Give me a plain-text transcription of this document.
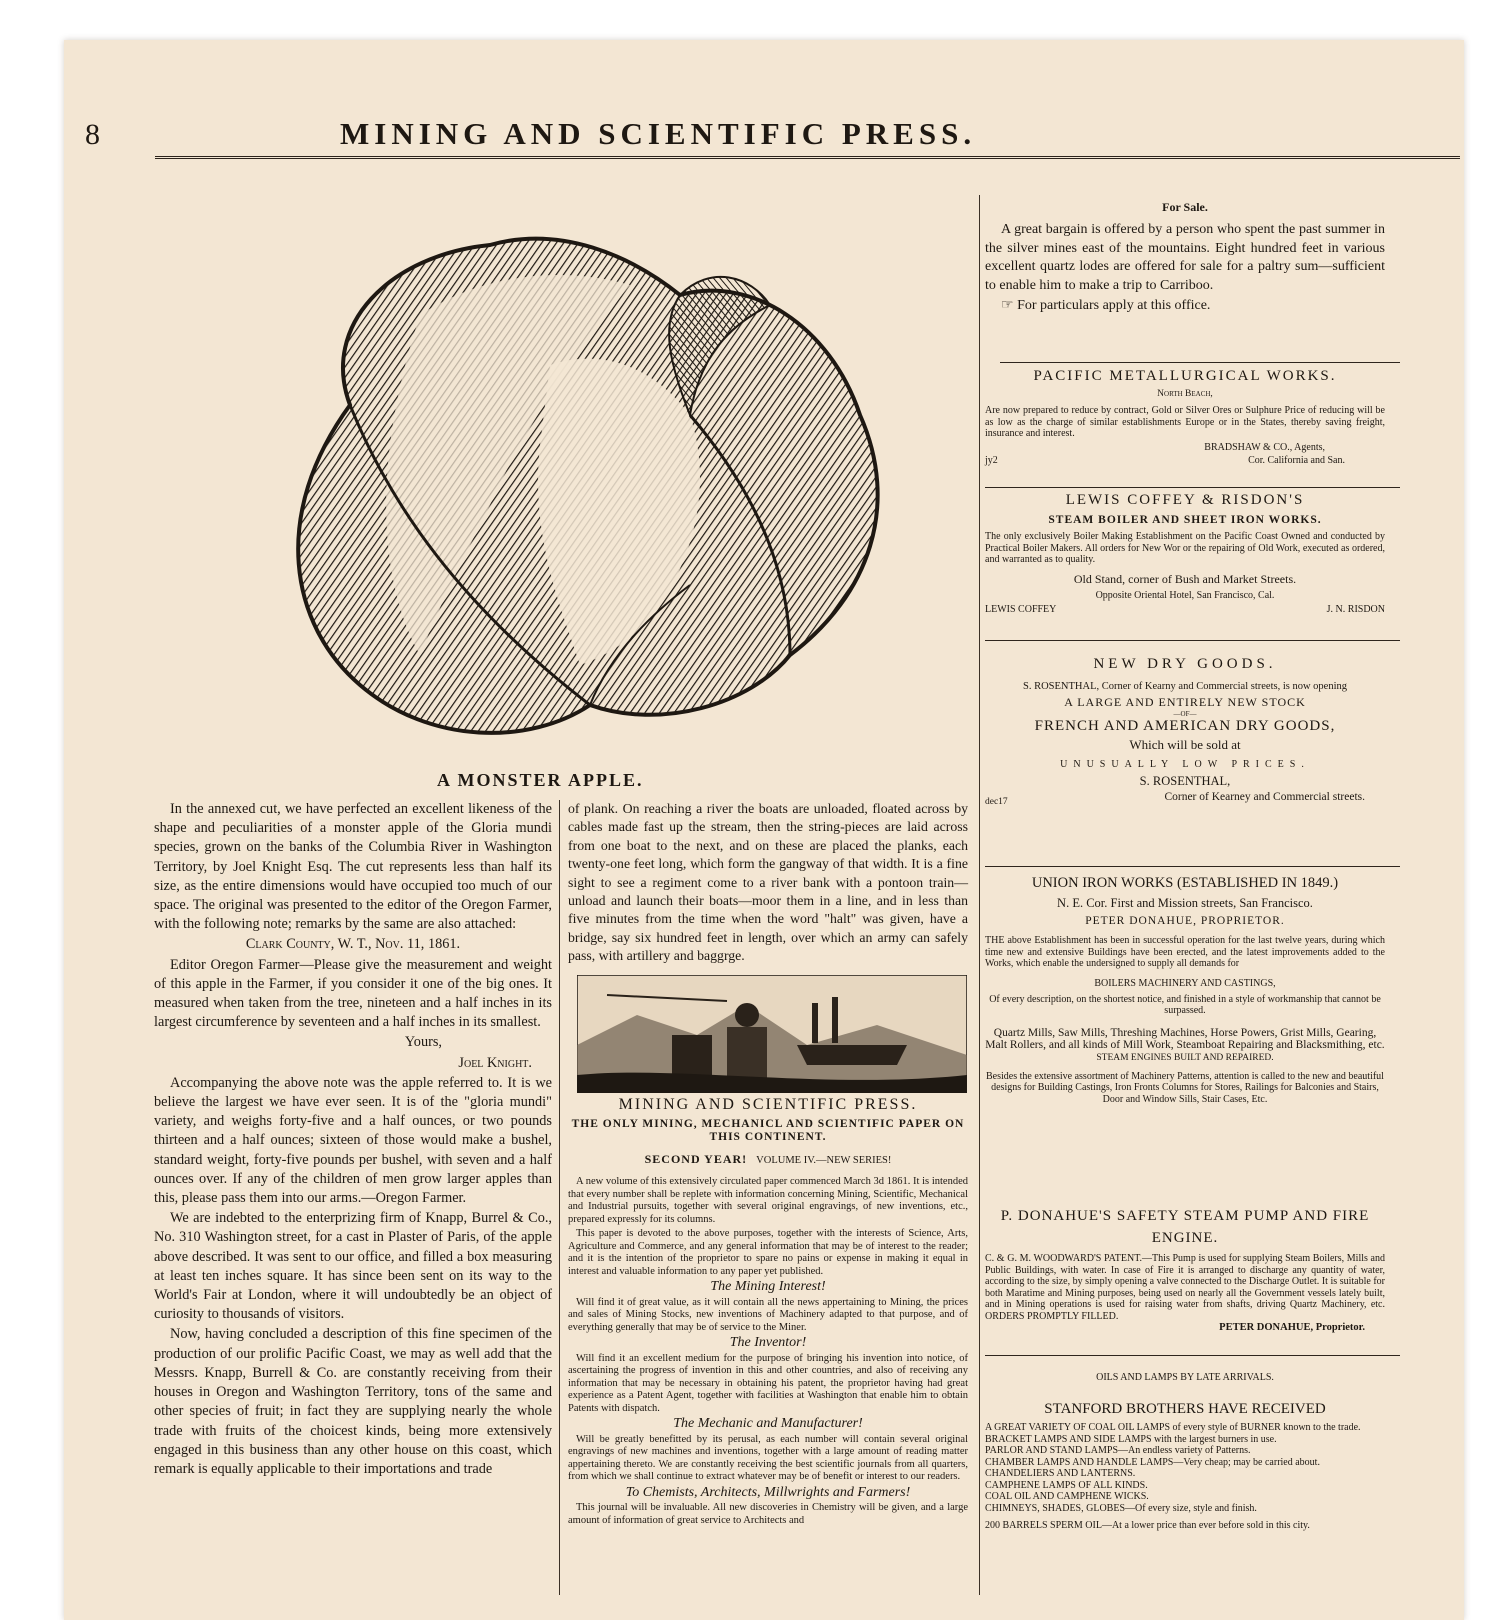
8	MINING AND SCIENTIFIC PRESS.
A MONSTER APPLE.

In the annexed cut, we have perfected an excellent likeness of the shape and peculiarities of a monster apple of the Gloria mundi species, grown on the banks of the Columbia River in Washington Territory, by Joel Knight Esq. The cut represents less than half its size, as the entire dimensions would have occupied too much of our space. The original was presented to the editor of the Oregon Farmer, with the following note; remarks by the same are also attached:

Clark County, W. T., Nov. 11, 1861.

Editor Oregon Farmer—Please give the measurement and weight of this apple in the Farmer, if you consider it one of the big ones. It measured when taken from the tree, nineteen and a half inches in its largest circumference by seventeen and a half inches in its smallest.

Yours,

Joel Knight.

Accompanying the above note was the apple referred to. It is we believe the largest we have ever seen. It is of the "gloria mundi" variety, and weighs forty-five and a half ounces, or two pounds thirteen and a half ounces; sixteen of those would make a bushel, standard weight, forty-five pounds per bushel, with seven and a half ounces over. If any of the children of men grow larger apples than this, please pass them into our arms.—Oregon Farmer.

We are indebted to the enterprizing firm of Knapp, Burrel & Co., No. 310 Washington street, for a cast in Plaster of Paris, of the apple above described. It was sent to our office, and filled a box measuring at least ten inches square. It has since been sent on its way to the World's Fair at London, where it will undoubtedly be an object of curiosity to thousands of visitors.

Now, having concluded a description of this fine specimen of the production of our prolific Pacific Coast, we may as well add that the Messrs. Knapp, Burrell & Co. are constantly receiving from their houses in Oregon and Washington Territory, tons of the same and other species of fruit; in fact they are supplying nearly the whole trade with fruits of the choicest kinds, being more extensively engaged in this business than any other house on this coast, which remark is equally applicable to their importations and trade

of plank. On reaching a river the boats are unloaded, floated across by cables made fast up the stream, then the string-pieces are laid across from one boat to the next, and on these are placed the planks, each twenty-one feet long, which form the gangway of that width. It is a fine sight to see a regiment come to a river bank with a pontoon train—unload and launch their boats—moor them in a line, and in less than five minutes from the time when the word "halt" was given, have a bridge, say six hundred feet in length, over which an army can safely pass, with artillery and baggrge.

MINING AND SCIENTIFIC PRESS.
THE ONLY MINING, MECHANICL AND SCIENTIFIC PAPER ON THIS CONTINENT.
SECOND YEAR! VOLUME IV.—NEW SERIES!

A new volume of this extensively circulated paper commenced March 3d 1861. It is intended that every number shall be replete with information concerning Mining, Scientific, Mechanical and Industrial pursuits, together with several original engravings, of new inventions, etc., prepared expressly for its columns.

This paper is devoted to the above purposes, together with the interests of Science, Arts, Agriculture and Commerce, and any general information that may be of interest to the reader; and it is the intention of the proprietor to spare no pains or expense in making it equal in interest and valuable information to any paper yet published.

The Mining Interest!

Will find it of great value, as it will contain all the news appertaining to Mining, the prices and sales of Mining Stocks, new inventions of Machinery adapted to that purpose, and of everything generally that may be of service to the Miner.

The Inventor!

Will find it an excellent medium for the purpose of bringing his invention into notice, of ascertaining the progress of invention in this and other countries, and also of receiving any information that may be necessary in obtaining his patent, the proprietor having had great experience as a Patent Agent, together with facilities at Washington that enable him to obtain Patents with dispatch.

The Mechanic and Manufacturer!

Will be greatly benefitted by its perusal, as each number will contain several original engravings of new machines and inventions, together with a large amount of reading matter appertaining thereto. We are constantly receiving the best scientific journals from all quarters, from which we shall continue to extract whatever may be of benefit or interest to our readers.

To Chemists, Architects, Millwrights and Farmers!

This journal will be invaluable. All new discoveries in Chemistry will be given, and a large amount of information of great service to Architects and

For Sale.
A great bargain is offered by a person who spent the past summer in the silver mines east of the mountains. Eight hundred feet in various excellent quartz lodes are offered for sale for a paltry sum—sufficient to enable him to make a trip to Carriboo.
☞ For particulars apply at this office.
PACIFIC METALLURGICAL WORKS.
North Beach,
Are now prepared to reduce by contract, Gold or Silver Ores or Sulphure Price of reducing will be as low as the charge of similar establishments Europe or in the States, thereby saving freight, insurance and interest.
BRADSHAW & CO., Agents,
jy2	Cor. California and San.
LEWIS COFFEY & RISDON'S
STEAM BOILER AND SHEET IRON WORKS.
The only exclusively Boiler Making Establishment on the Pacific Coast Owned and conducted by Practical Boiler Makers. All orders for New Wor or the repairing of Old Work, executed as ordered, and warranted as to quality.
Old Stand, corner of Bush and Market Streets.
Opposite Oriental Hotel, San Francisco, Cal.
LEWIS COFFEY	J. N. RISDON
NEW DRY GOODS.
S. ROSENTHAL, Corner of Kearny and Commercial streets, is now opening
A LARGE AND ENTIRELY NEW STOCK
—OF—
FRENCH AND AMERICAN DRY GOODS,
Which will be sold at
UNUSUALLY LOW PRICES.
S. ROSENTHAL,
dec17	Corner of Kearney and Commercial streets.
UNION IRON WORKS (ESTABLISHED IN 1849.)
N. E. Cor. First and Mission streets, San Francisco.
PETER DONAHUE, PROPRIETOR.
THE above Establishment has been in successful operation for the last twelve years, during which time new and extensive Buildings have been erected, and the latest improvements added to the Works, which enable the undersigned to supply all demands for
BOILERS MACHINERY AND CASTINGS,
Of every description, on the shortest notice, and finished in a style of workmanship that cannot be surpassed.
Quartz Mills, Saw Mills, Threshing Machines, Horse Powers, Grist Mills, Gearing, Malt Rollers, and all kinds of Mill Work, Steamboat Repairing and Blacksmithing, etc.
STEAM ENGINES BUILT AND REPAIRED.
Besides the extensive assortment of Machinery Patterns, attention is called to the new and beautiful designs for Building Castings, Iron Fronts Columns for Stores, Railings for Balconies and Stairs, Door and Window Sills, Stair Cases, Etc.
P. DONAHUE'S SAFETY STEAM PUMP AND FIRE ENGINE.
C. & G. M. WOODWARD'S PATENT.—This Pump is used for supplying Steam Boilers, Mills and Public Buildings, with water. In case of Fire it is arranged to discharge any quantity of water, according to the size, by simply opening a valve connected to the Discharge Outlet. It is suitable for both Maratime and Mining purposes, being used on nearly all the Government vessels lately built, and in Mining operations is used for raising water from shafts, driving Quartz Machinery, etc. ORDERS PROMPTLY FILLED.
PETER DONAHUE, Proprietor.
OILS AND LAMPS BY LATE ARRIVALS.
STANFORD BROTHERS HAVE RECEIVED
A GREAT VARIETY OF COAL OIL LAMPS of every style of BURNER known to the trade.
BRACKET LAMPS AND SIDE LAMPS with the largest burners in use.
PARLOR AND STAND LAMPS—An endless variety of Patterns.
CHAMBER LAMPS AND HANDLE LAMPS—Very cheap; may be carried about.
CHANDELIERS AND LANTERNS.
CAMPHENE LAMPS OF ALL KINDS.
COAL OIL AND CAMPHENE WICKS.
CHIMNEYS, SHADES, GLOBES—Of every size, style and finish.
200 BARRELS SPERM OIL—At a lower price than ever before sold in this city.
